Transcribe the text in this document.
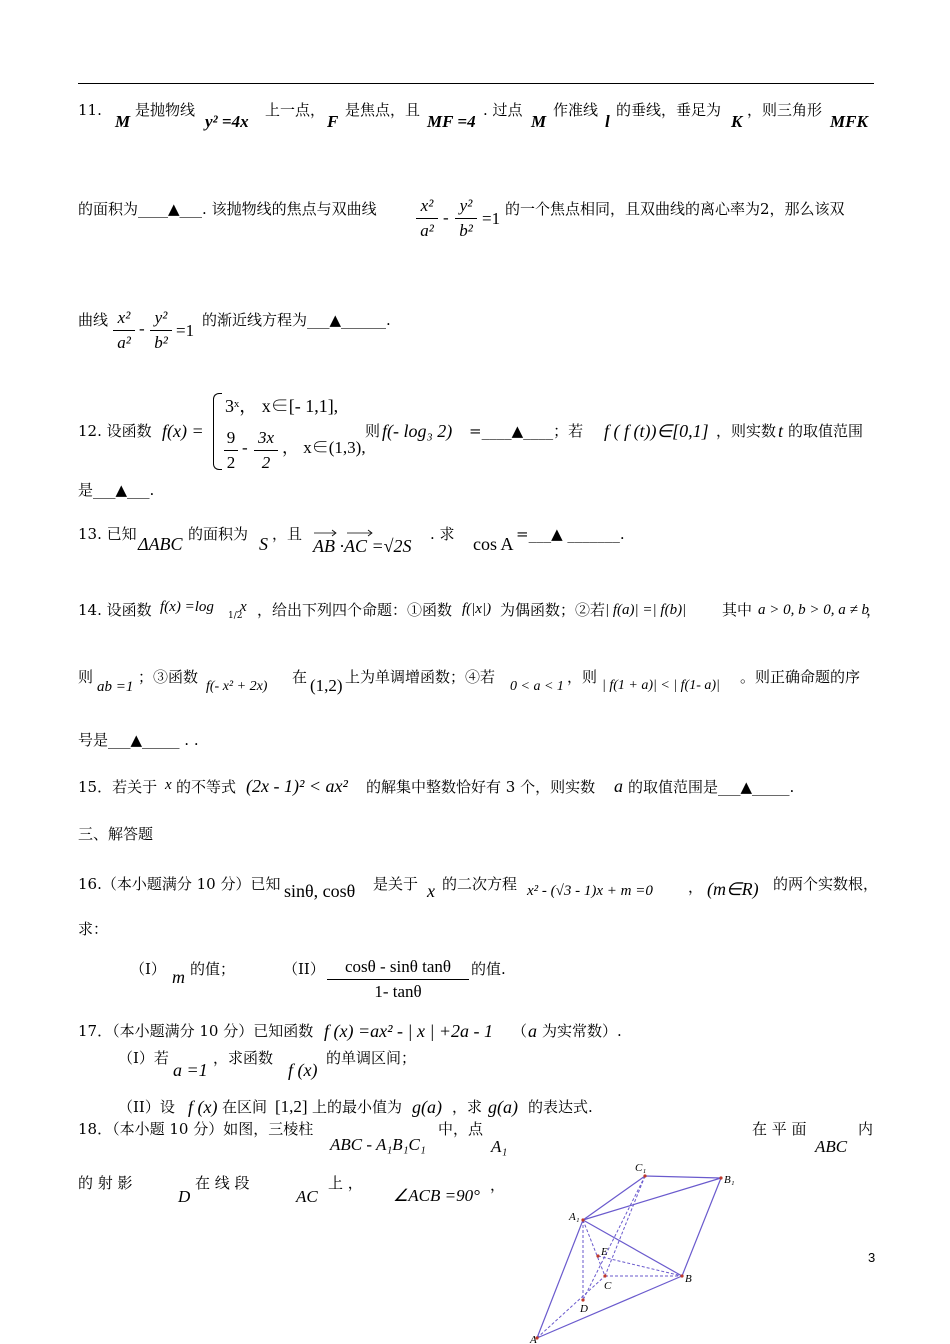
11.
M
是抛物线
y² =4x
上一点，
F
是焦点，且
MF =4
. 过点
M
作准线
l
的垂线，垂足为
K
，则三角形
MFK
的面积为____▲___. 该抛物线的焦点与双曲线	x²
a²
-
y²
b²
=1 的一个焦点相同，且双曲线的离心率为2，那么该双
曲线 x²
a²
-
y²
b²
=1
的渐近线方程为___▲______.
12. 设函数 f(x) =
3ˣ， x∈[- 1,1],
9
2
-
3x
2
， x∈(1,3),
则 f(- log₃ 2) =____▲____；若 f ( f (t))∈[0,1] ，则实数 t 的取值范围
是___▲___.
13. 已知 ΔABC 的面积为 S ，且
AB ·AC =√2S
. 求 cos A =___▲ _______.
14. 设函数 f(x) =log
1/2
x ，给出下列四个命题：①函数 f(|x|) 为偶函数；②若 | f(a)| =| f(b)| 其中 a > 0, b > 0, a ≠ b
，
则
ab =1
；③函数
f(- x² + 2x)
在 (1,2) 上为单调增函数；④若
0 < a < 1
，则 | f(1 + a)| < | f(1- a)| 。则正确命题的序
号是___▲_____ . .
15．若关于 x 的不等式 (2x - 1)² < ax² 的解集中整数恰好有 3 个，则实数 a 的取值范围是___▲_____.
三、解答题
16.（本小题满分 10 分）已知 sinθ, cosθ 是关于 x 的二次方程 x² - (√3 - 1)x + m =0 ， (m∈R) 的两个实数根，
求：
（I） m 的值；	（II）	cosθ - sinθ tanθ
1- tanθ
的值.
17．（本小题满分 10 分）已知函数 f (x) =ax² - | x | +2a - 1 （ a 为实常数）.
（I）若
a =1
，求函数
f (x)
的单调区间；
（II）设 f (x) 在区间 [1,2] 上的最小值为 g(a) ，求 g(a) 的表达式.
18．（本小题 10 分）如图，三棱柱
ABC - A₁B₁C₁
中，点
A₁
在 平 面
ABC
内
的 射 影
D
在 线 段
AC
上 ，
∠ACB =90°
，
C₁
B₁
A₁
E
C
B
D
A
3
